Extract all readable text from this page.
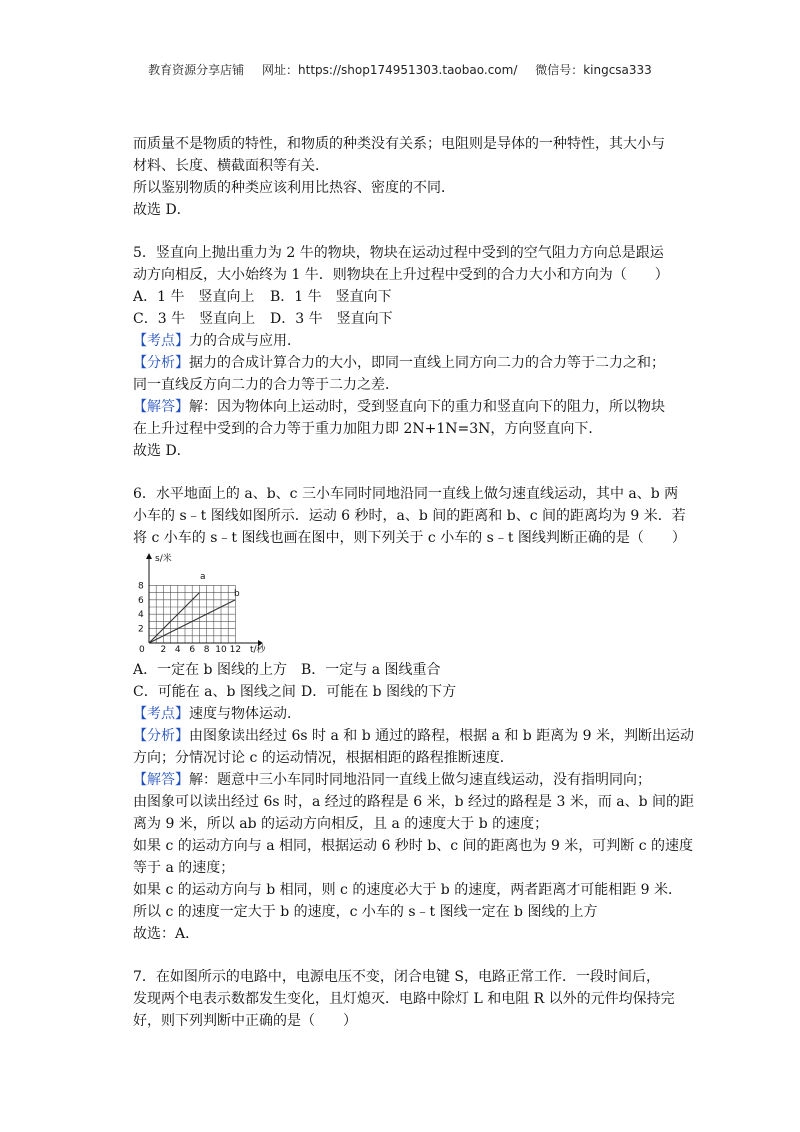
教育资源分享店铺 网址：https://shop174951303.taobao.com/ 微信号：kingcsa333
而质量不是物质的特性，和物质的种类没有关系；电阻则是导体的一种特性，其大小与
材料、长度、横截面积等有关．
所以鉴别物质的种类应该利用比热容、密度的不同．
故选 D．
5．竖直向上抛出重力为 2 牛的物块，物块在运动过程中受到的空气阻力方向总是跟运
动方向相反，大小始终为 1 牛．则物块在上升过程中受到的合力大小和方向为（　　）
A．1 牛　竖直向上 B．1 牛　竖直向下
C．3 牛　竖直向上 D．3 牛　竖直向下
【考点】力的合成与应用．
【分析】据力的合成计算合力的大小，即同一直线上同方向二力的合力等于二力之和；
同一直线反方向二力的合力等于二力之差．
【解答】解：因为物体向上运动时，受到竖直向下的重力和竖直向下的阻力，所以物块
在上升过程中受到的合力等于重力加阻力即 2N+1N=3N，方向竖直向下．
故选 D．
6．水平地面上的 a、b、c 三小车同时同地沿同一直线上做匀速直线运动，其中 a、b 两
小车的 s﹣t 图线如图所示．运动 6 秒时，a、b 间的距离和 b、c 间的距离均为 9 米．若
将 c 小车的 s﹣t 图线也画在图中，则下列关于 c 小车的 s﹣t 图线判断正确的是（　　）
s/米
t/秒
0
2
4
6
8
2 4 6 8 10 12
a
b
A．一定在 b 图线的上方 B．一定与 a 图线重合
C．可能在 a、b 图线之间 D．可能在 b 图线的下方
【考点】速度与物体运动．
【分析】由图象读出经过 6s 时 a 和 b 通过的路程，根据 a 和 b 距离为 9 米，判断出运动
方向；分情况讨论 c 的运动情况，根据相距的路程推断速度．
【解答】解：题意中三小车同时同地沿同一直线上做匀速直线运动，没有指明同向；
由图象可以读出经过 6s 时，a 经过的路程是 6 米，b 经过的路程是 3 米，而 a、b 间的距
离为 9 米，所以 ab 的运动方向相反，且 a 的速度大于 b 的速度；
如果 c 的运动方向与 a 相同，根据运动 6 秒时 b、c 间的距离也为 9 米，可判断 c 的速度
等于 a 的速度；
如果 c 的运动方向与 b 相同，则 c 的速度必大于 b 的速度，两者距离才可能相距 9 米．
所以 c 的速度一定大于 b 的速度，c 小车的 s﹣t 图线一定在 b 图线的上方
故选：A．
7．在如图所示的电路中，电源电压不变，闭合电键 S，电路正常工作．一段时间后，
发现两个电表示数都发生变化，且灯熄灭．电路中除灯 L 和电阻 R 以外的元件均保持完
好，则下列判断中正确的是（　　）
